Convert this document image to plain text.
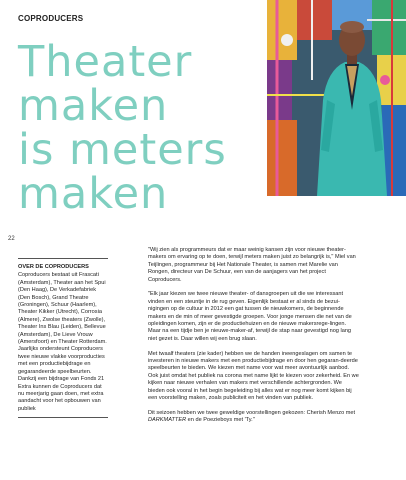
COPRODUCERS
Theater
maken
is meters
maken
22

OVER DE COPRODUCERS

Coproducers bestaat uit Frascati (Amsterdam), Theater aan het Spui (Den Haag), De Verkadefabriek (Den Bosch), Grand Theatre (Groningen), Schuur (Haarlem), Theater Kikker (Utrecht), Corrosia (Almere), Zwolse theaters (Zwolle), Theater Ins Blau (Leiden), Bellevue (Amsterdam), De Lieve Vrouw (Amersfoort) en Theater Rotterdam. Jaarlijks ondersteunt Coproducers twee nieuwe vlakke voorproducties met een productiebijdrage en gegarandeerde speelbeurten. Dankzij een bijdrage van Fonds 21 Extra kunnen de Coproducers dat nu meerjarig gaan doen, met extra aandacht voor het opbouwen van publiek

"Wij zien als programmeurs dat er maar weinig kansen zijn voor nieuwe theater-makers om ervaring op te doen, terwijl meters maken juist zo belangrijk is," Miel van Teijlingen, programmeur bij Het Nationale Theater, is samen met Marelie van Rongen, directeur van De Schuur, een van de aanjagers van het project Coproducers.

"Elk jaar kiezen we twee nieuwe theater- of dansgroepen uit die we interessant vinden en een steuntje in de rug geven. Eigenlijk bestaat er al sinds de bezui-nigingen op de cultuur in 2012 een gat tussen de nieuwkomers, de beginnende makers en de min of meer gevestigde groepen. Voor jonge mensen die net van de opleidingen komen, zijn er de productiehuizen en de nieuwe makersrege-lingen. Maar na een tijdje ben je nieuwe-maker-af, terwijl de stap naar gevestigd nog lang niet gezet is. Daar willen wij een brug slaan.

Met twaalf theaters (zie kader) hebben we de handen ineengeslagen om samen te investeren in nieuwe makers met een productiebijdrage en door hen gegaran-deerde speelbeurten te bieden. We kiezen met name voor wat meer avontuurlijk aanbod. Ook juist omdat het publiek na corona met name lijkt te kiezen voor zekerheid. En we kijken naar nieuwe verhalen van makers met verschillende achtergronden. We bieden ook vooral in het begin begeleiding bij alles wat er nog meer komt kijken bij een voorstelling maken, zoals publiciteit en het vinden van publiek.

Dit seizoen hebben we twee geweldige voorstellingen gekozen: Cherish Menzo met DARKMATTER en de Poezieboys met 'Ty."
